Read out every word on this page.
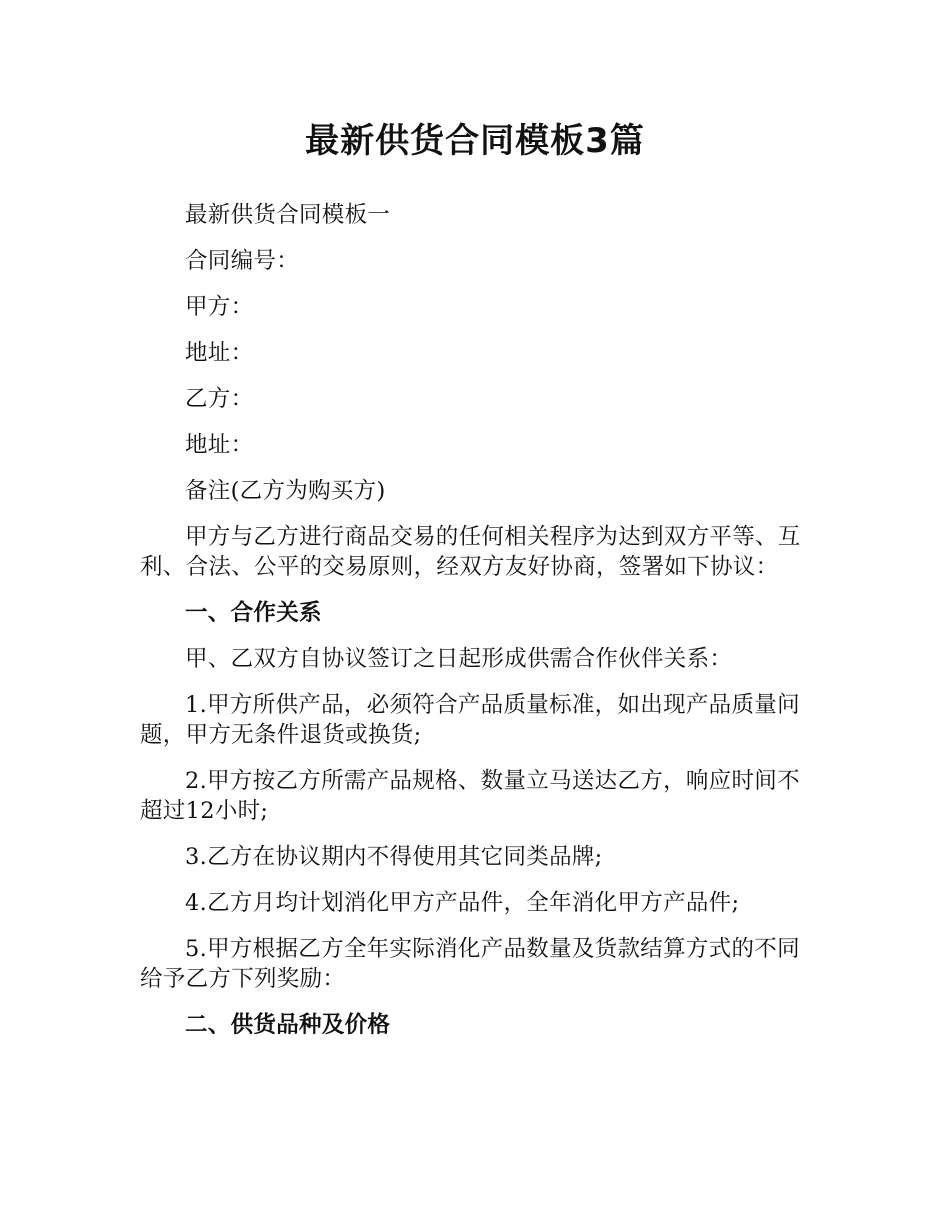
最新供货合同模板3篇
最新供货合同模板一
合同编号：
甲方：
地址：
乙方：
地址：
备注(乙方为购买方)
甲方与乙方进行商品交易的任何相关程序为达到双方平等、互利、合法、公平的交易原则，经双方友好协商，签署如下协议：
一、合作关系
甲、乙双方自协议签订之日起形成供需合作伙伴关系：
1.甲方所供产品，必须符合产品质量标准，如出现产品质量问题，甲方无条件退货或换货;
2.甲方按乙方所需产品规格、数量立马送达乙方，响应时间不超过12小时;
3.乙方在协议期内不得使用其它同类品牌;
4.乙方月均计划消化甲方产品件，全年消化甲方产品件;
5.甲方根据乙方全年实际消化产品数量及货款结算方式的不同给予乙方下列奖励：
二、供货品种及价格
